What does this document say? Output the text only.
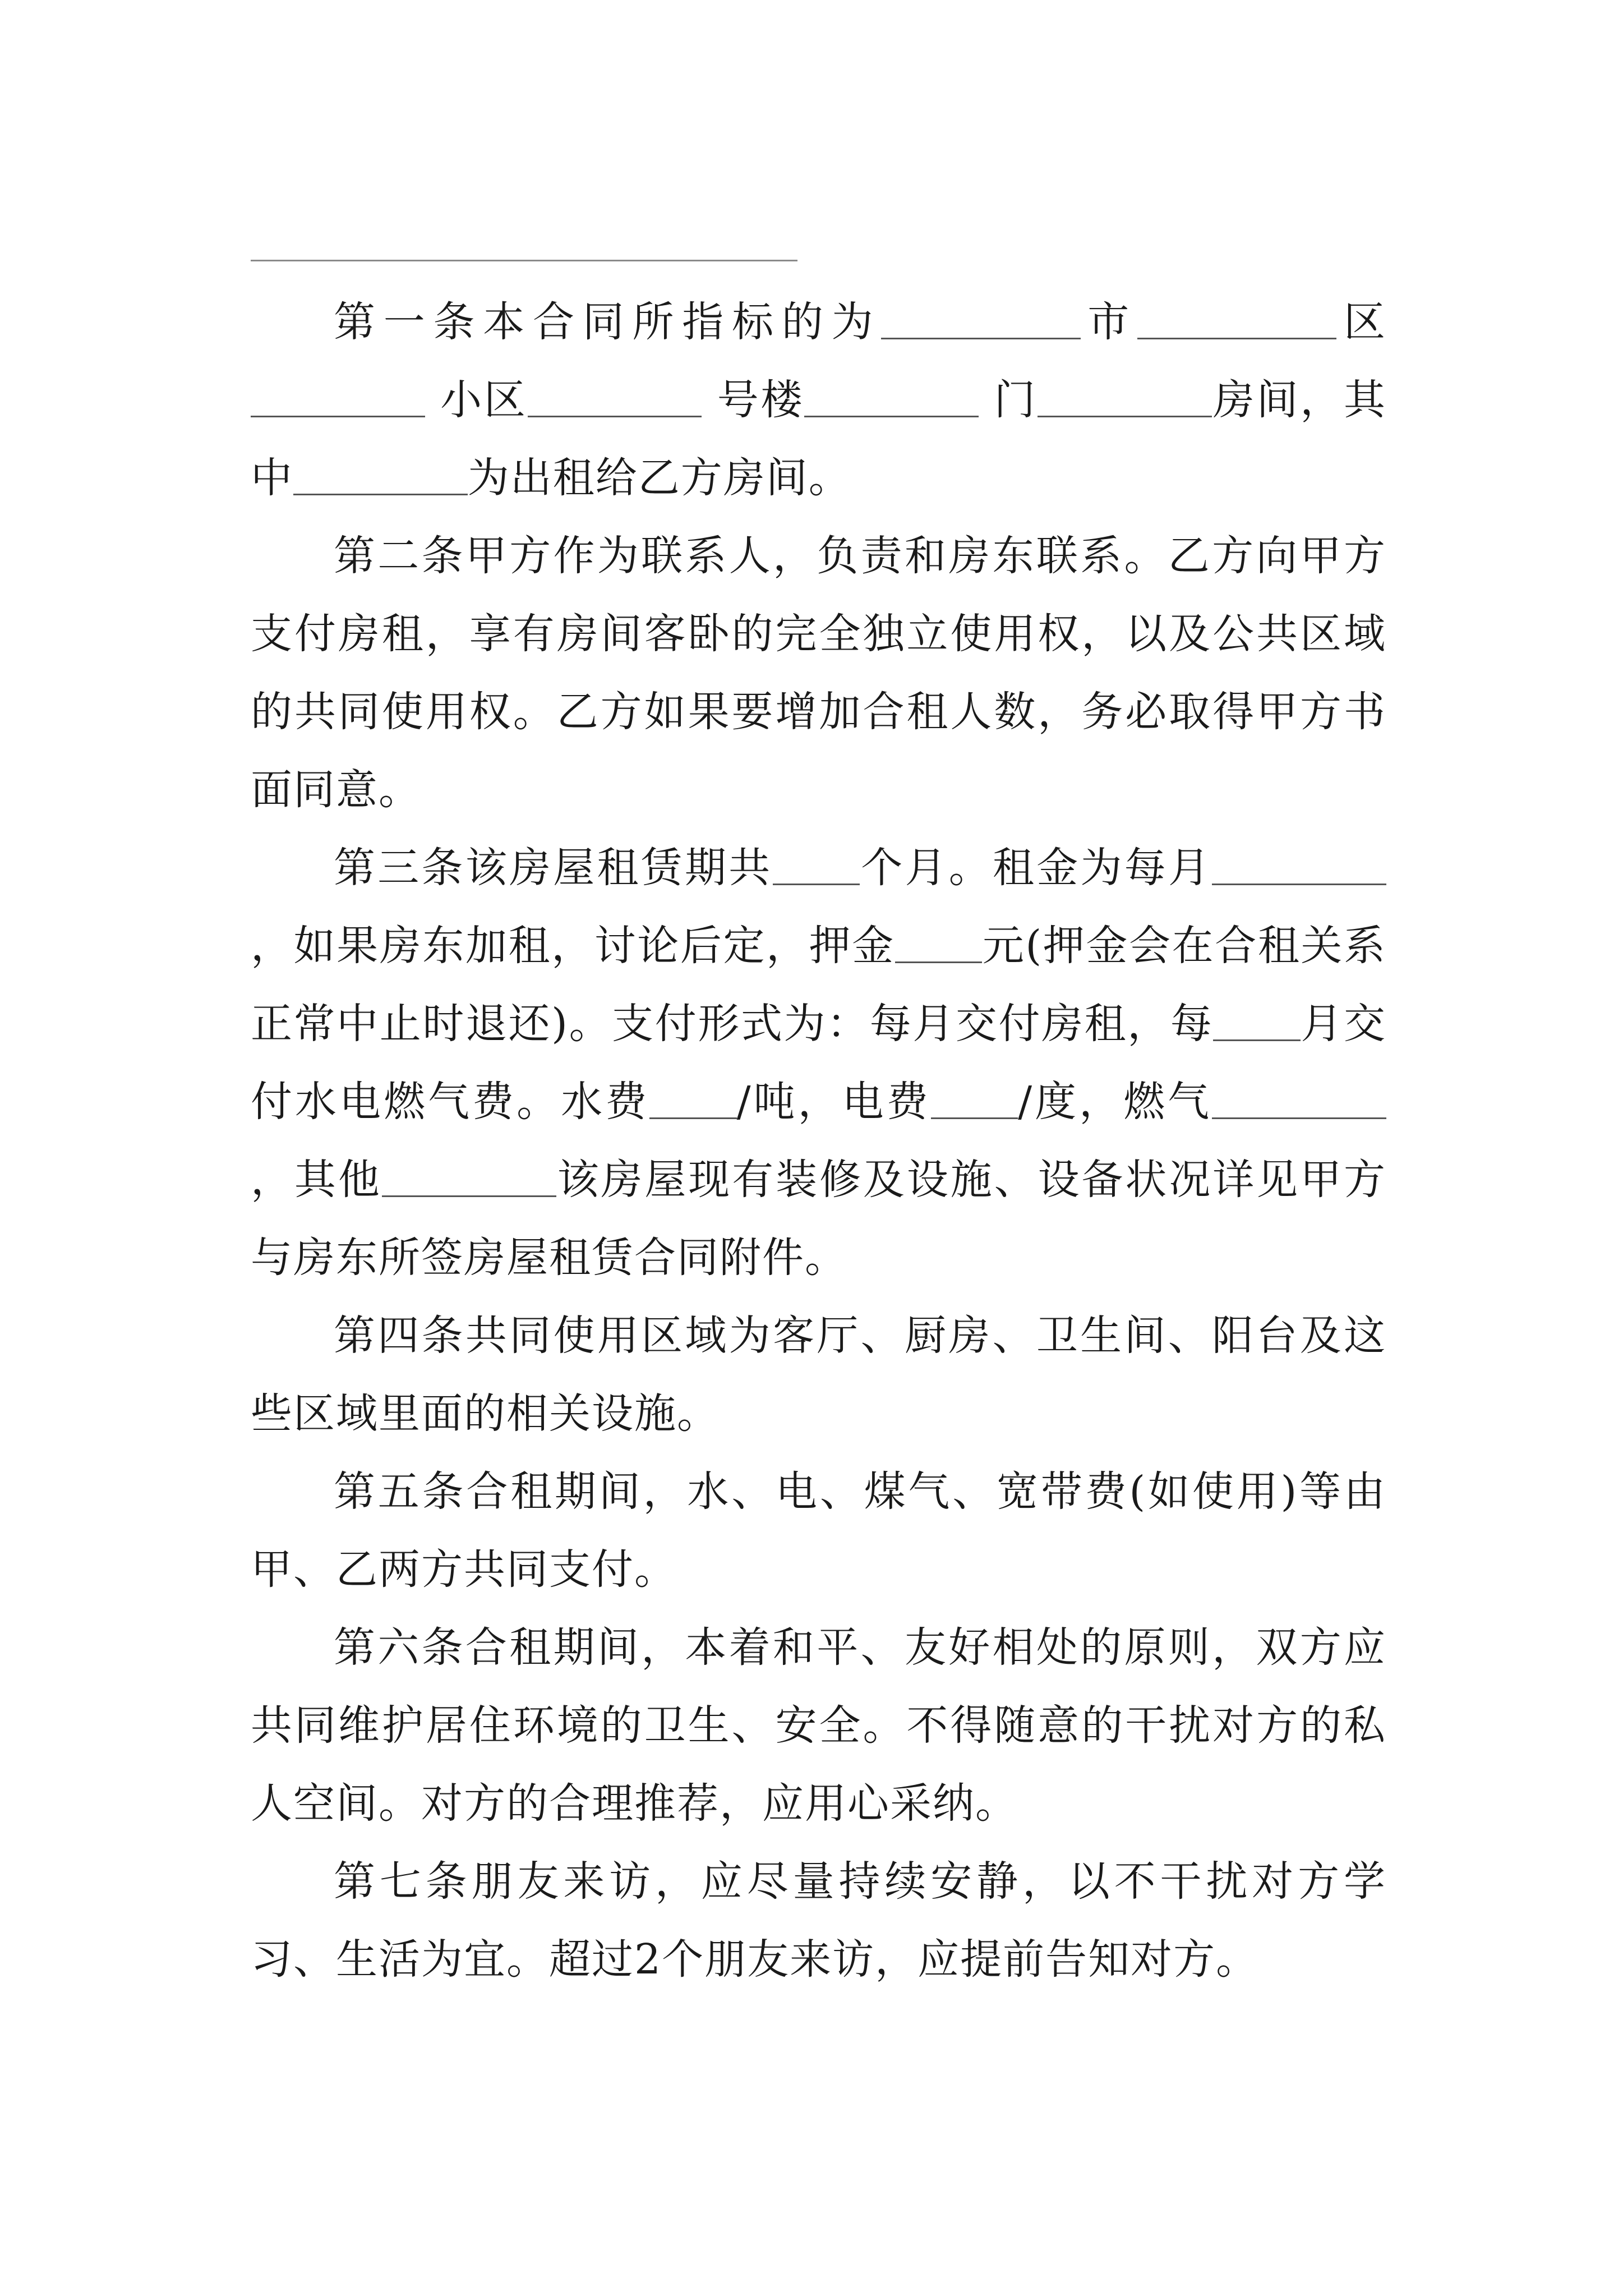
第一条本合同所指标的为	市	区 小区	号楼	门	房间，其中	为出租给乙方房间。

第二条甲方作为联系人，负责和房东联系。乙方向甲方支付房租，享有房间客卧的完全独立使用权，以及公共区域的共同使用权。乙方如果要增加合租人数，务必取得甲方书面同意。

第三条该房屋租赁期共 个月。租金为每月，如果房东加租，讨论后定，押金 元(押金会在合租关系正常中止时退还)。支付形式为：每月交付房租，每 月交付水电燃气费。水费 /吨，电费 /度，燃气，其他	该房屋现有装修及设施、设备状况详见甲方与房东所签房屋租赁合同附件。

第四条共同使用区域为客厅、厨房、卫生间、阳台及这些区域里面的相关设施。

第五条合租期间，水、电、煤气、宽带费(如使用)等由甲、乙两方共同支付。

第六条合租期间，本着和平、友好相处的原则，双方应共同维护居住环境的卫生、安全。不得随意的干扰对方的私人空间。对方的合理推荐，应用心采纳。

第七条朋友来访，应尽量持续安静，以不干扰对方学习、生活为宜。超过2个朋友来访，应提前告知对方。
